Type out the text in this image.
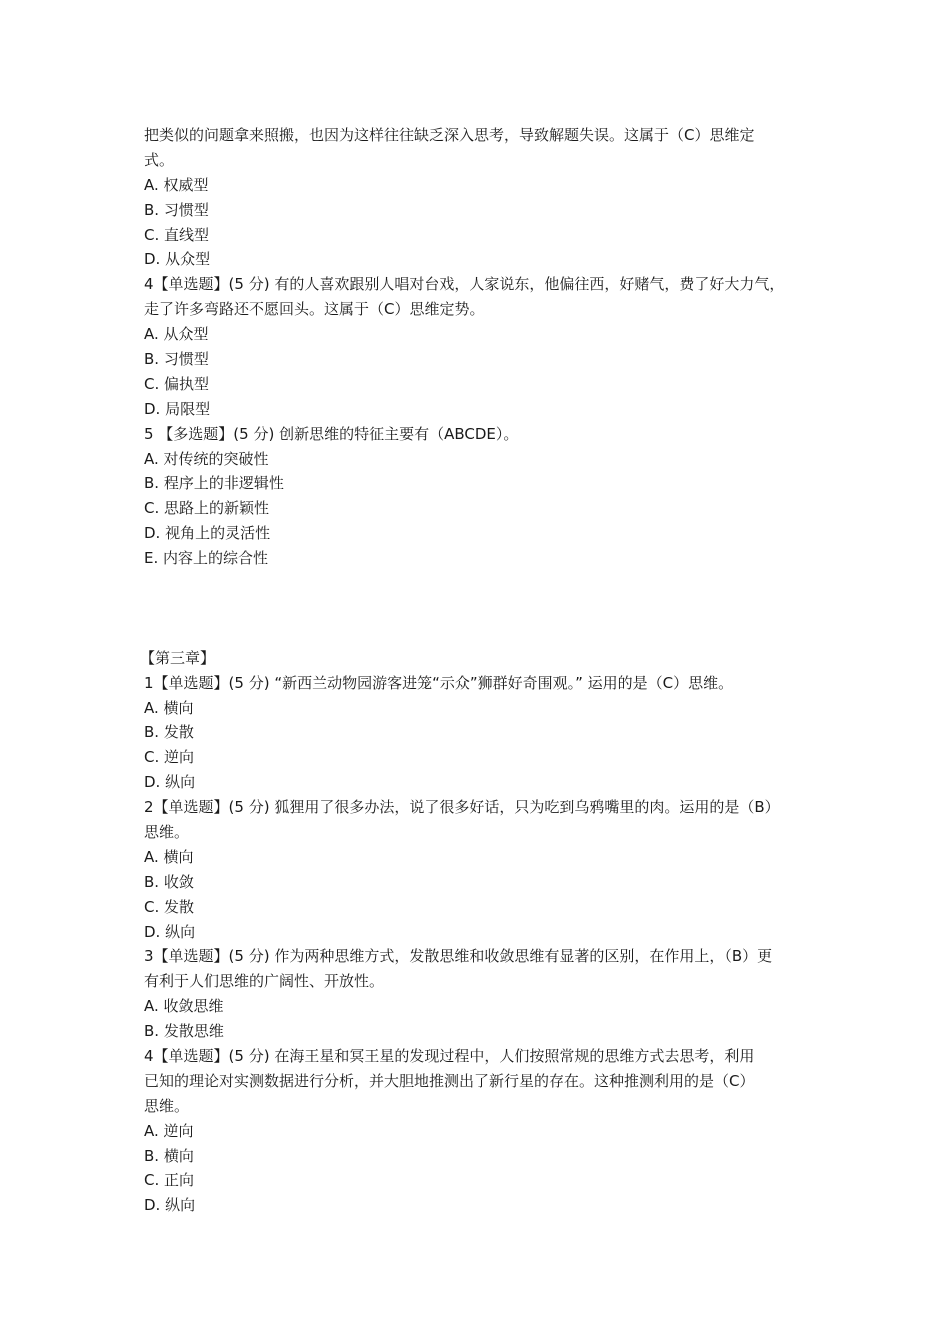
把类似的问题拿来照搬，也因为这样往往缺乏深入思考，导致解题失误。这属于（C）思维定
式。
A. 权威型
B. 习惯型
C. 直线型
D. 从众型
4【单选题】(5 分) 有的人喜欢跟别人唱对台戏，人家说东，他偏往西，好赌气，费了好大力气，
走了许多弯路还不愿回头。这属于（C）思维定势。
A. 从众型
B. 习惯型
C. 偏执型
D. 局限型
5 【多选题】(5 分) 创新思维的特征主要有（ABCDE）。
A. 对传统的突破性
B. 程序上的非逻辑性
C. 思路上的新颖性
D. 视角上的灵活性
E. 内容上的综合性
【第三章】
1【单选题】(5 分) “新西兰动物园游客进笼“示众”狮群好奇围观。” 运用的是（C）思维。
A. 横向
B. 发散
C. 逆向
D. 纵向
2【单选题】(5 分) 狐狸用了很多办法，说了很多好话，只为吃到乌鸦嘴里的肉。运用的是（B）
思维。
A. 横向
B. 收敛
C. 发散
D. 纵向
3【单选题】(5 分) 作为两种思维方式，发散思维和收敛思维有显著的区别，在作用上，（B）更
有利于人们思维的广阔性、开放性。
A. 收敛思维
B. 发散思维
4【单选题】(5 分) 在海王星和冥王星的发现过程中，人们按照常规的思维方式去思考，利用
已知的理论对实测数据进行分析，并大胆地推测出了新行星的存在。这种推测利用的是（C）
思维。
A. 逆向
B. 横向
C. 正向
D. 纵向
